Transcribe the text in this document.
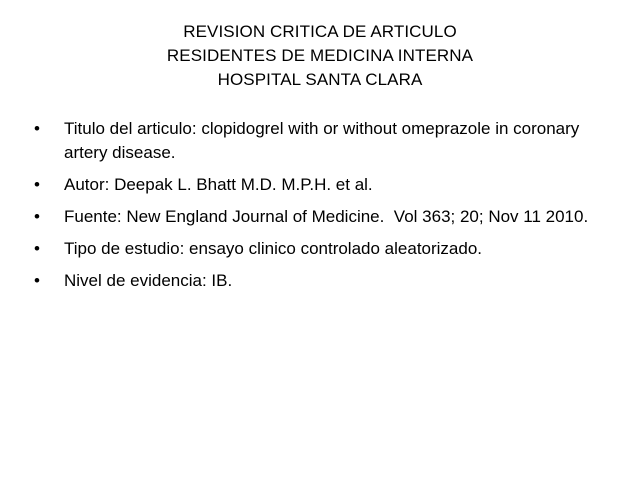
REVISION CRITICA DE ARTICULO
RESIDENTES DE MEDICINA INTERNA
HOSPITAL SANTA CLARA
•	Titulo del articulo: clopidogrel with or without omeprazole in coronary artery disease.
•	Autor: Deepak L. Bhatt M.D. M.P.H. et al.
•	Fuente: New England Journal of Medicine.  Vol 363; 20; Nov 11 2010.
•	Tipo de estudio: ensayo clinico controlado aleatorizado.
•	Nivel de evidencia: IB.
